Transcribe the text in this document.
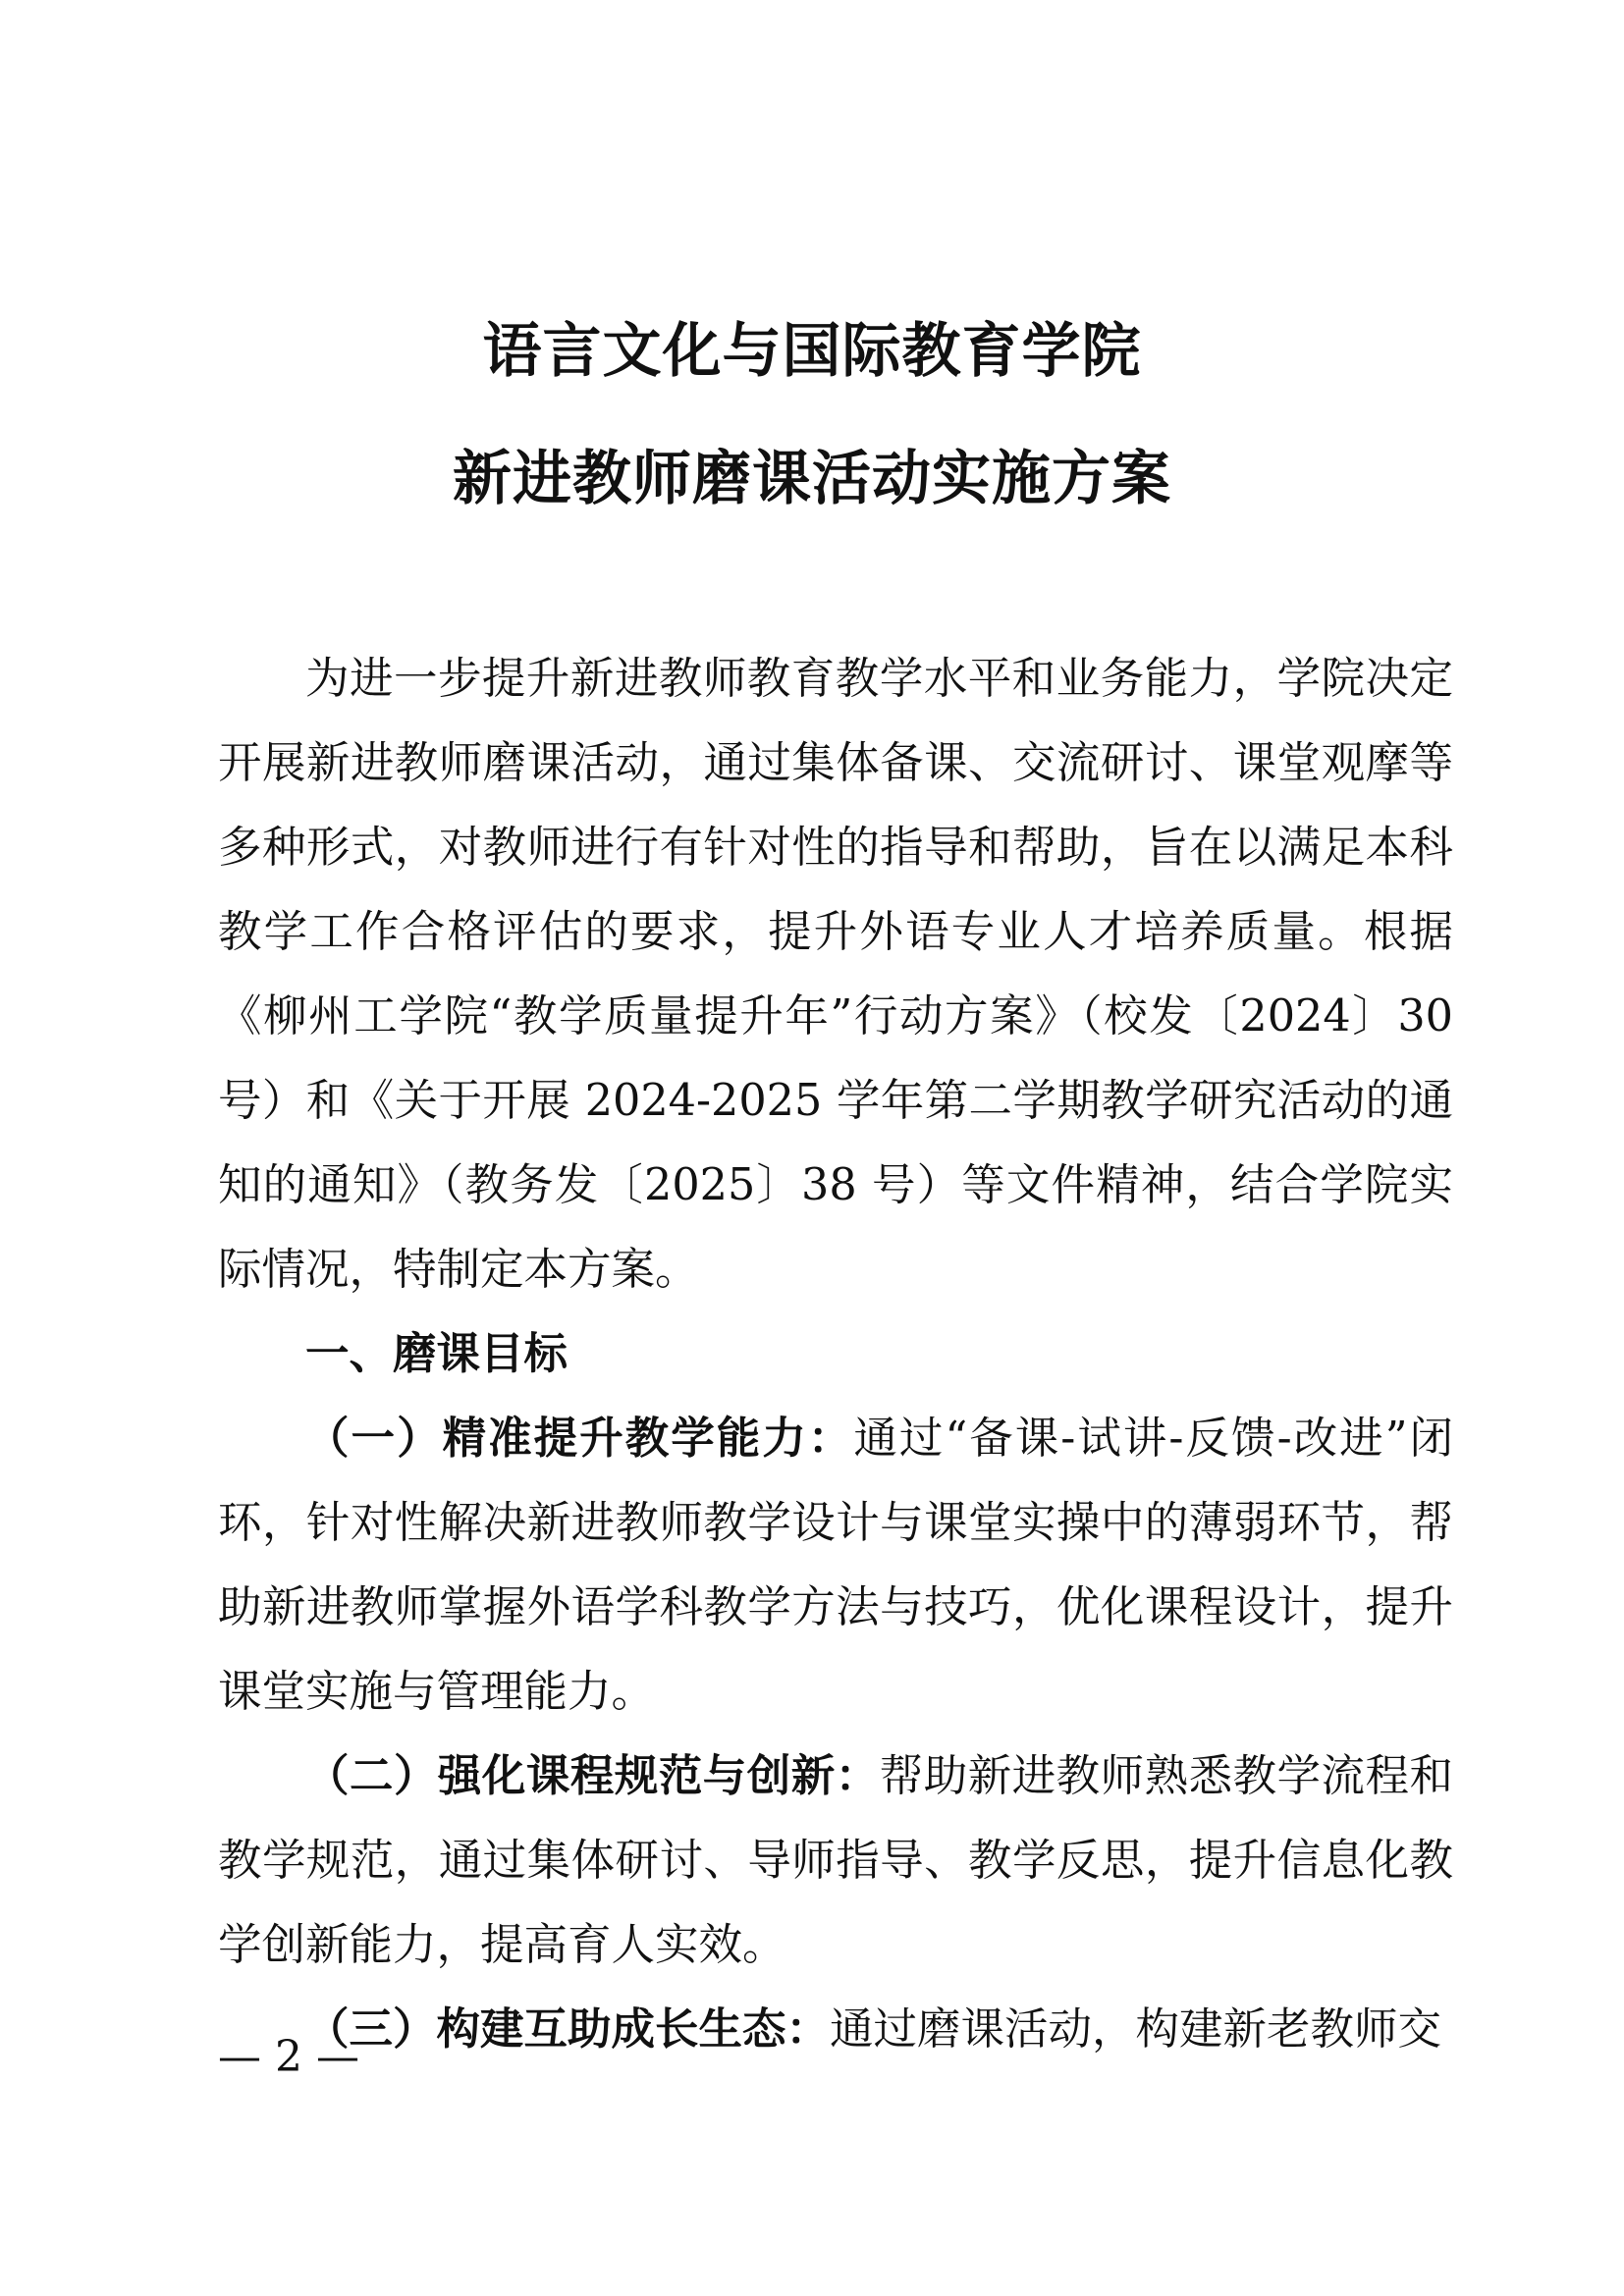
语言文化与国际教育学院
新进教师磨课活动实施方案

为进一步提升新进教师教育教学水平和业务能力，学院决定开展新进教师磨课活动，通过集体备课、交流研讨、课堂观摩等多种形式，对教师进行有针对性的指导和帮助，旨在以满足本科教学工作合格评估的要求，提升外语专业人才培养质量。根据《柳州工学院“教学质量提升年”行动方案》（校发〔2024〕30 号）和《关于开展 2024-2025 学年第二学期教学研究活动的通知的通知》（教务发〔2025〕38 号）等文件精神，结合学院实际情况，特制定本方案。

一、磨课目标

（一）精准提升教学能力：通过“备课-试讲-反馈-改进”闭环，针对性解决新进教师教学设计与课堂实操中的薄弱环节，帮助新进教师掌握外语学科教学方法与技巧，优化课程设计，提升课堂实施与管理能力。

（二）强化课程规范与创新：帮助新进教师熟悉教学流程和教学规范，通过集体研讨、导师指导、教学反思，提升信息化教学创新能力，提高育人实效。

（三）构建互助成长生态：通过磨课活动，构建新老教师交

— 2 —
